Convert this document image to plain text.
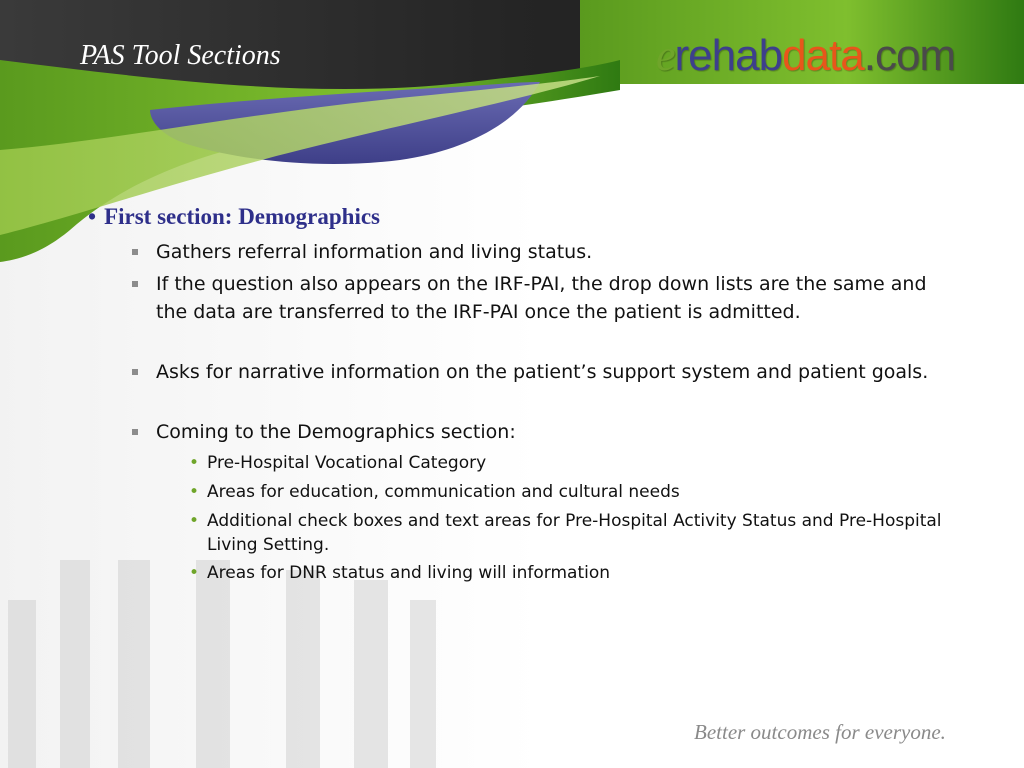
PAS Tool Sections	erehabdata.com
• First section: Demographics
Gathers referral information and living status.
If the question also appears on the IRF-PAI, the drop down lists are the same and the data are transferred to the IRF-PAI once the patient is admitted.
Asks for narrative information on the patient’s support system and patient goals.
Coming to the Demographics section:
• Pre-Hospital Vocational Category
• Areas for education, communication and cultural needs
• Additional check boxes and text areas for Pre-Hospital Activity Status and Pre-Hospital Living Setting.
• Areas for DNR status and living will information
Better outcomes for everyone.
